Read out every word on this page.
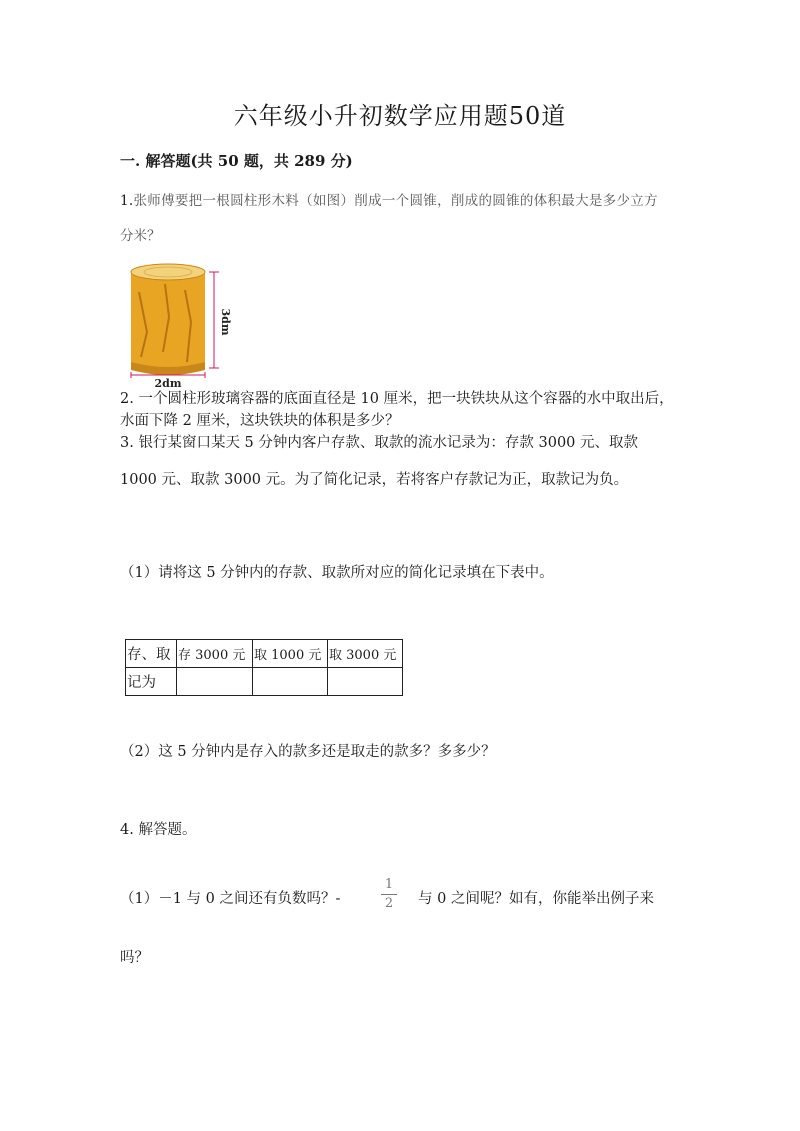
六年级小升初数学应用题50道
一. 解答题(共 50 题，共 289 分)
1.张师傅要把一根圆柱形木料（如图）削成一个圆锥，削成的圆锥的体积最大是多少立方
分米？
3dm
2dm
2. 一个圆柱形玻璃容器的底面直径是 10 厘米，把一块铁块从这个容器的水中取出后，水面下降 2 厘米，这块铁块的体积是多少？
3. 银行某窗口某天 5 分钟内客户存款、取款的流水记录为：存款 3000 元、取款
1000 元、取款 3000 元。为了简化记录，若将客户存款记为正，取款记为负。
（1）请将这 5 分钟内的存款、取款所对应的简化记录填在下表中。
存、取	存 3000 元	取 1000 元	取 3000 元
记为			
（2）这 5 分钟内是存入的款多还是取走的款多？多多少？
4. 解答题。
（1）－1 与 0 之间还有负数吗？-
1
2	与 0 之间呢？如有，你能举出例子来
吗？
